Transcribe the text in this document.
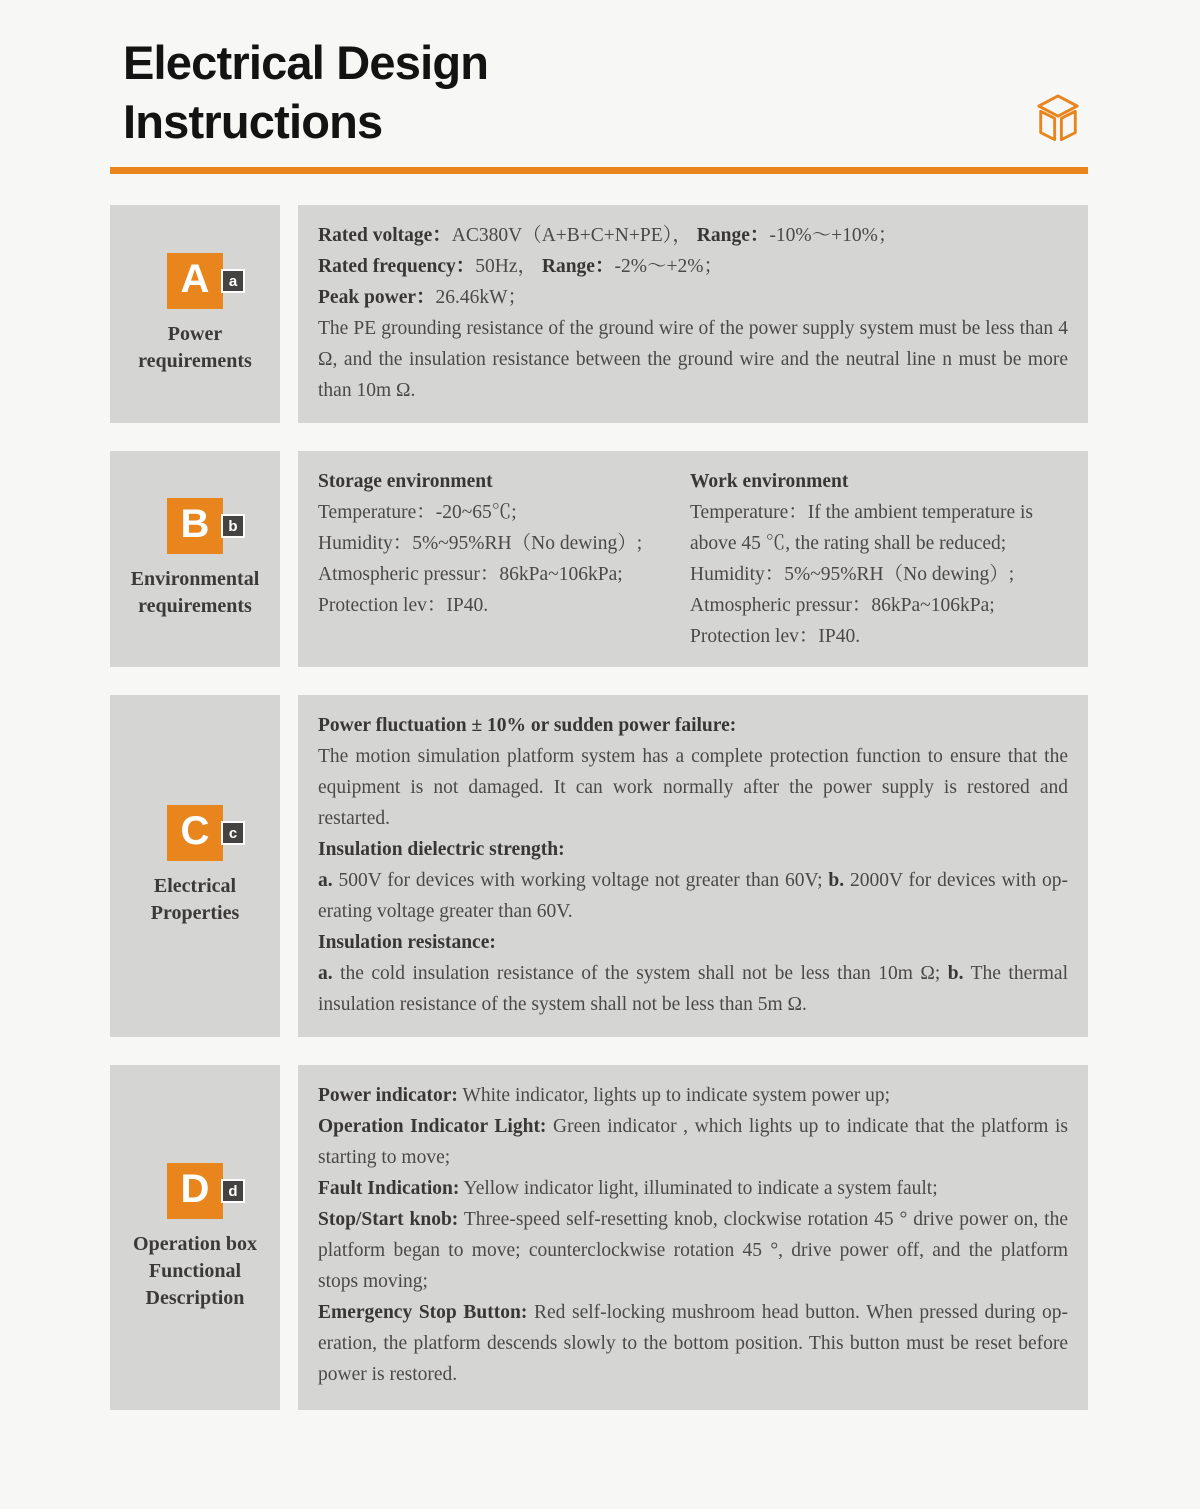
Electrical Design
Instructions
A	a
Power
requirements

Rated voltage：AC380V（A+B+C+N+PE）， Range：-10%～+10%；

Rated frequency：50Hz， Range：-2%～+2%；

Peak power：26.46kW；

The PE grounding resistance of the ground wire of the power supply system must be less than 4 Ω, and the insulation resistance between the ground wire and the neutral line n must be more than 10m Ω.

B	b
Environmental
requirements

Storage environment

Temperature：-20~65℃;

Humidity：5%~95%RH（No dewing）;

Atmospheric pressur：86kPa~106kPa;

Protection lev：IP40.

Work environment

Temperature：If the ambient temperature is above 45 ℃, the rating shall be reduced;

Humidity：5%~95%RH（No dewing）;

Atmospheric pressur：86kPa~106kPa;

Protection lev：IP40.

C	c
Electrical
Properties

Power fluctuation ± 10% or sudden power failure:

The motion simulation platform system has a complete protection function to ensure that the equipment is not damaged. It can work normally after the power supply is restored and restarted.

Insulation dielectric strength:

a. 500V for devices with working voltage not greater than 60V; b. 2000V for devices with operating voltage greater than 60V.

Insulation resistance:

a. the cold insulation resistance of the system shall not be less than 10m Ω; b. The thermal insulation resistance of the system shall not be less than 5m Ω.

D	d
Operation box
Functional
Description

Power indicator: White indicator, lights up to indicate system power up;

Operation Indicator Light: Green indicator , which lights up to indicate that the platform is starting to move;

Fault Indication: Yellow indicator light, illuminated to indicate a system fault;

Stop/Start knob: Three-speed self-resetting knob, clockwise rotation 45 ° drive power on, the platform began to move; counterclockwise rotation 45 °, drive power off, and the platform stops moving;

Emergency Stop Button: Red self-locking mushroom head button. When pressed during operation, the platform descends slowly to the bottom position. This button must be reset before power is restored.
